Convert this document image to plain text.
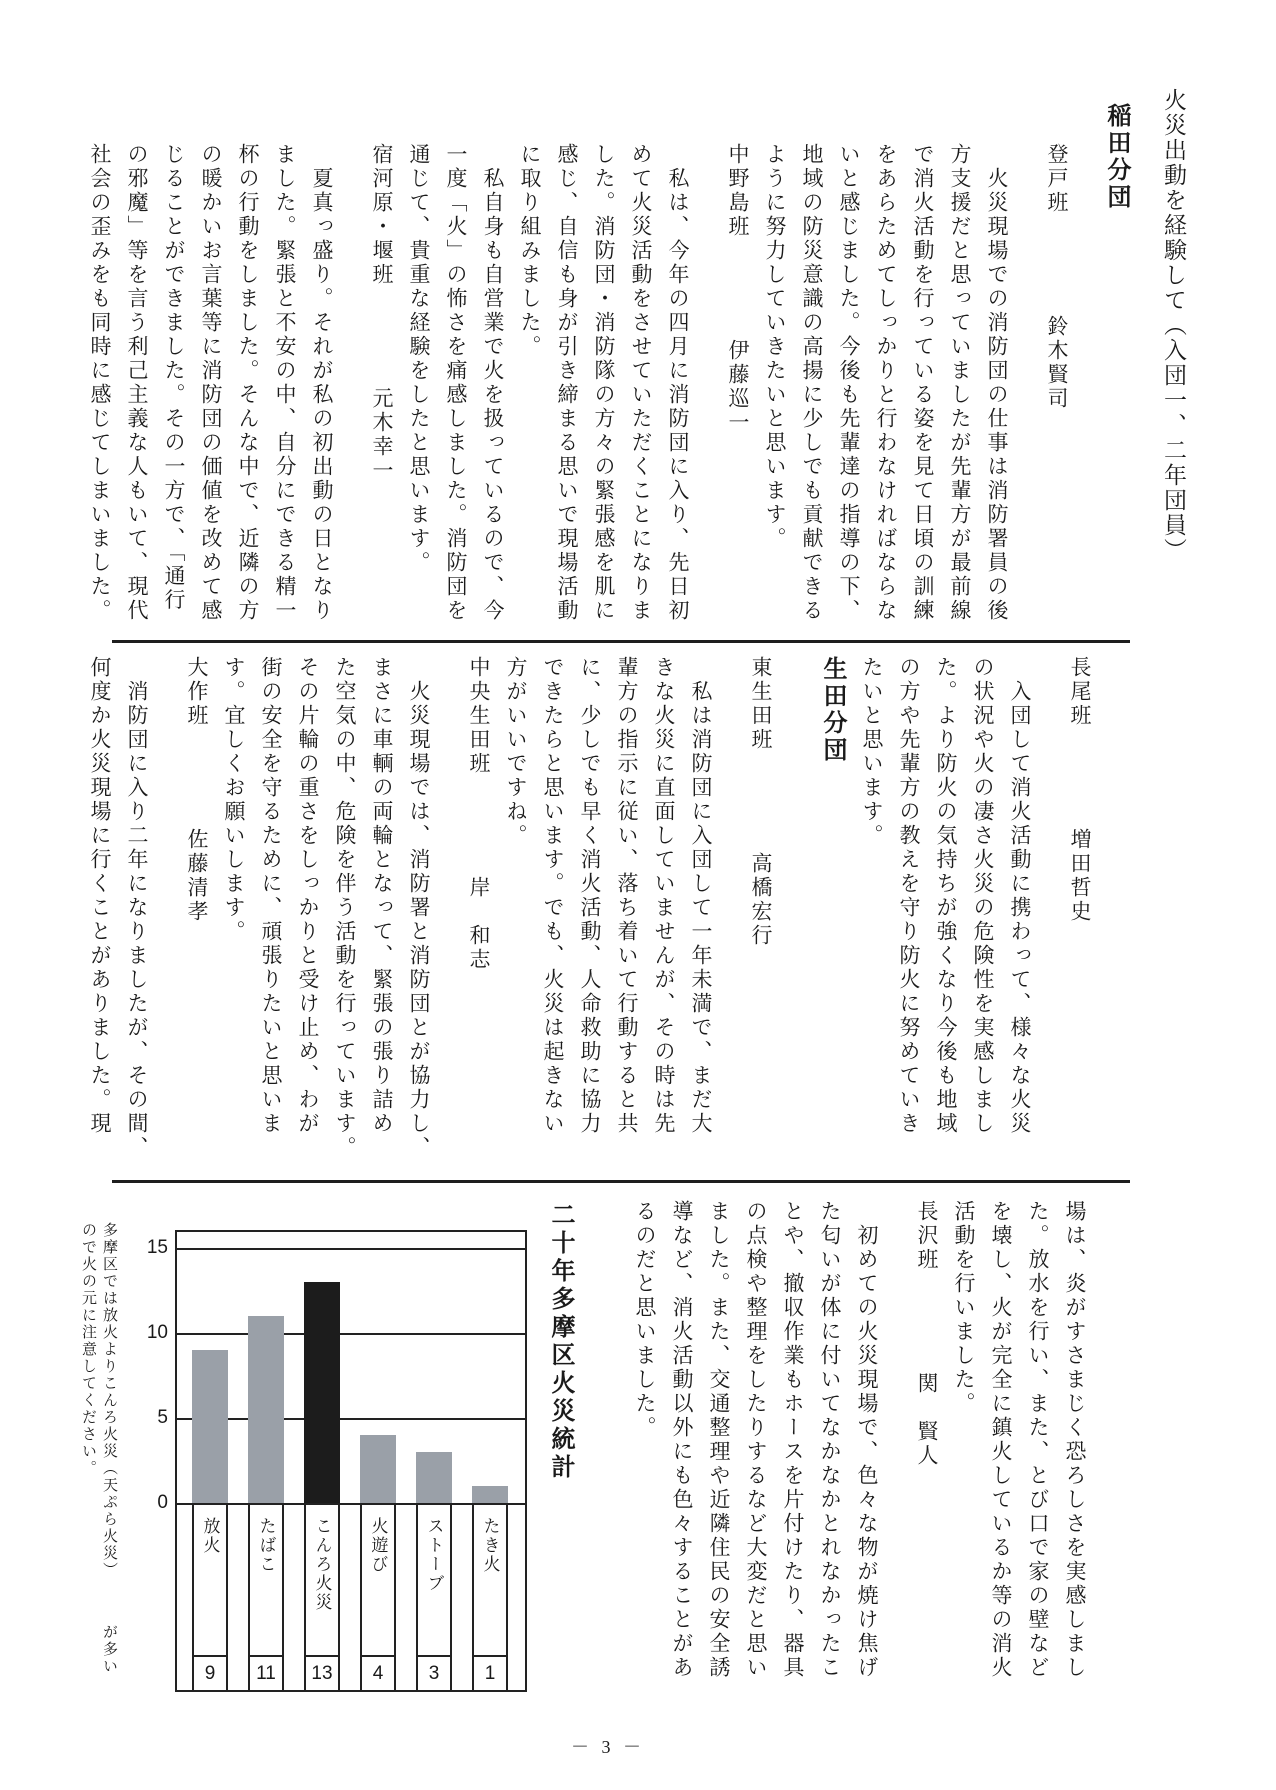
火災出動を経験して（入団一、二年団員）
稲田分団
登戸班鈴木賢司
火災現場での消防団の仕事は消防署員の後
方支援だと思っていましたが先輩方が最前線
で消火活動を行っている姿を見て日頃の訓練
をあらためてしっかりと行わなければならな
いと感じました。今後も先輩達の指導の下、
地域の防災意識の高揚に少しでも貢献できる
ように努力していきたいと思います。
中野島班伊藤巡一
私は、今年の四月に消防団に入り、先日初
めて火災活動をさせていただくことになりま
した。消防団・消防隊の方々の緊張感を肌に
感じ、自信も身が引き締まる思いで現場活動
に取り組みました。
私自身も自営業で火を扱っているので、今
一度「火」の怖さを痛感しました。消防団を
通じて、貴重な経験をしたと思います。
宿河原・堰班元木幸一
夏真っ盛り。それが私の初出動の日となり
ました。緊張と不安の中、自分にできる精一
杯の行動をしました。そんな中で、近隣の方
の暖かいお言葉等に消防団の価値を改めて感
じることができました。その一方で、「通行
の邪魔」等を言う利己主義な人もいて、現代
社会の歪みをも同時に感じてしまいました。
長尾班増田哲史
入団して消火活動に携わって、様々な火災
の状況や火の凄さ火災の危険性を実感しまし
た。より防火の気持ちが強くなり今後も地域
の方や先輩方の教えを守り防火に努めていき
たいと思います。
生田分団
東生田班高橋宏行
私は消防団に入団して一年未満で、まだ大
きな火災に直面していませんが、その時は先
輩方の指示に従い、落ち着いて行動すると共
に、少しでも早く消火活動、人命救助に協力
できたらと思います。でも、火災は起きない
方がいいですね。
中央生田班岸　和志
火災現場では、消防署と消防団とが協力し、
まさに車輌の両輪となって、緊張の張り詰め
た空気の中、危険を伴う活動を行っています。
その片輪の重さをしっかりと受け止め、わが
街の安全を守るために、頑張りたいと思いま
す。宜しくお願いします。
大作班佐藤清孝
消防団に入り二年になりましたが、その間、
何度か火災現場に行くことがありました。現
場は、炎がすさまじく恐ろしさを実感しまし
た。放水を行い、また、とび口で家の壁など
を壊し、火が完全に鎮火しているか等の消火
活動を行いました。
長沢班関　賢人
初めての火災現場で、色々な物が焼け焦げ
た匂いが体に付いてなかなかとれなかったこ
とや、撤収作業もホースを片付けたり、器具
の点検や整理をしたりするなど大変だと思い
ました。また、交通整理や近隣住民の安全誘
導など、消火活動以外にも色々することがあ
るのだと思いました。
二十年多摩区火災統計
放火
9
たばこ
11
こんろ火災
13
火遊び
4
ストーブ
3
たき火
1
多摩区では放火よりこんろ火災（天ぷら火災）が多い
ので火の元に注意してください。
－ 3 －
0
5
10
15
